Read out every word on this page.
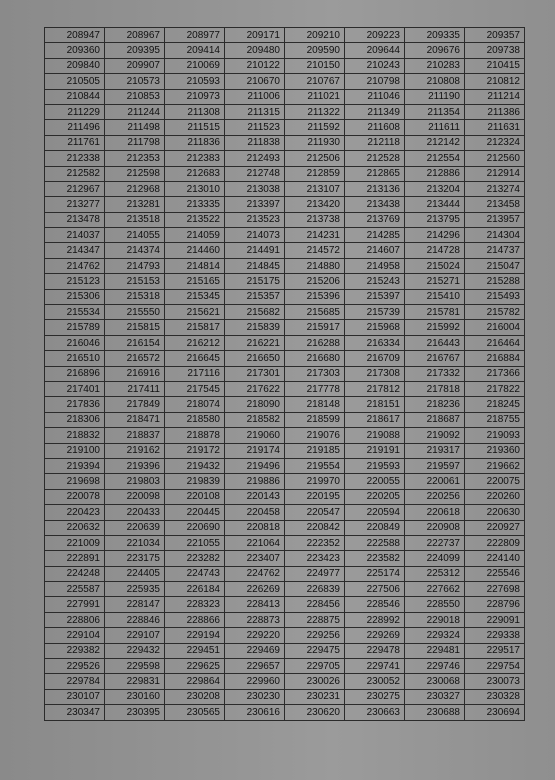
208947	208967	208977	209171	209210	209223	209335	209357
209360	209395	209414	209480	209590	209644	209676	209738
209840	209907	210069	210122	210150	210243	210283	210415
210505	210573	210593	210670	210767	210798	210808	210812
210844	210853	210973	211006	211021	211046	211190	211214
211229	211244	211308	211315	211322	211349	211354	211386
211496	211498	211515	211523	211592	211608	211611	211631
211761	211798	211836	211838	211930	212118	212142	212324
212338	212353	212383	212493	212506	212528	212554	212560
212582	212598	212683	212748	212859	212865	212886	212914
212967	212968	213010	213038	213107	213136	213204	213274
213277	213281	213335	213397	213420	213438	213444	213458
213478	213518	213522	213523	213738	213769	213795	213957
214037	214055	214059	214073	214231	214285	214296	214304
214347	214374	214460	214491	214572	214607	214728	214737
214762	214793	214814	214845	214880	214958	215024	215047
215123	215153	215165	215175	215206	215243	215271	215288
215306	215318	215345	215357	215396	215397	215410	215493
215534	215550	215621	215682	215685	215739	215781	215782
215789	215815	215817	215839	215917	215968	215992	216004
216046	216154	216212	216221	216288	216334	216443	216464
216510	216572	216645	216650	216680	216709	216767	216884
216896	216916	217116	217301	217303	217308	217332	217366
217401	217411	217545	217622	217778	217812	217818	217822
217836	217849	218074	218090	218148	218151	218236	218245
218306	218471	218580	218582	218599	218617	218687	218755
218832	218837	218878	219060	219076	219088	219092	219093
219100	219162	219172	219174	219185	219191	219317	219360
219394	219396	219432	219496	219554	219593	219597	219662
219698	219803	219839	219886	219970	220055	220061	220075
220078	220098	220108	220143	220195	220205	220256	220260
220423	220433	220445	220458	220547	220594	220618	220630
220632	220639	220690	220818	220842	220849	220908	220927
221009	221034	221055	221064	222352	222588	222737	222809
222891	223175	223282	223407	223423	223582	224099	224140
224248	224405	224743	224762	224977	225174	225312	225546
225587	225935	226184	226269	226839	227506	227662	227698
227991	228147	228323	228413	228456	228546	228550	228796
228806	228846	228866	228873	228875	228992	229018	229091
229104	229107	229194	229220	229256	229269	229324	229338
229382	229432	229451	229469	229475	229478	229481	229517
229526	229598	229625	229657	229705	229741	229746	229754
229784	229831	229864	229960	230026	230052	230068	230073
230107	230160	230208	230230	230231	230275	230327	230328
230347	230395	230565	230616	230620	230663	230688	230694
